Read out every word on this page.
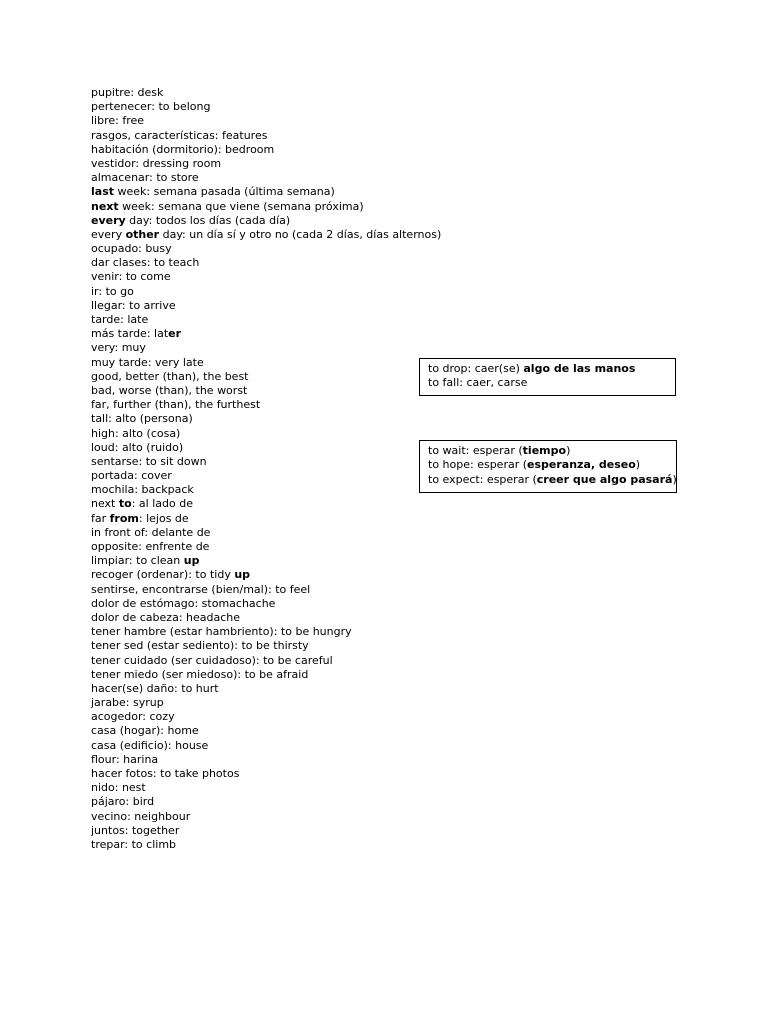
pupitre: desk
pertenecer: to belong
libre: free
rasgos, características: features
habitación (dormitorio): bedroom
vestidor: dressing room
almacenar: to store
last week: semana pasada (última semana)
next week: semana que viene (semana próxima)
every day: todos los días (cada día)
every other day: un día sí y otro no (cada 2 días, días alternos)
ocupado: busy
dar clases: to teach
venir: to come
ir: to go
llegar: to arrive
tarde: late
más tarde: later
very: muy
muy tarde: very late
good, better (than), the best
bad, worse (than), the worst
far, further (than), the furthest
tall: alto (persona)
high: alto (cosa)
loud: alto (ruido)
sentarse: to sit down
portada: cover
mochila: backpack
next to: al lado de
far from: lejos de
in front of: delante de
opposite: enfrente de
limpiar: to clean up
recoger (ordenar): to tidy up
sentirse, encontrarse (bien/mal): to feel
dolor de estómago: stomachache
dolor de cabeza: headache
tener hambre (estar hambriento): to be hungry
tener sed (estar sediento): to be thirsty
tener cuidado (ser cuidadoso): to be careful
tener miedo (ser miedoso): to be afraid
hacer(se) daño: to hurt
jarabe: syrup
acogedor: cozy
casa (hogar): home
casa (edificio): house
flour: harina
hacer fotos: to take photos
nido: nest
pájaro: bird
vecino: neighbour
juntos: together
trepar: to climb
to drop: caer(se) algo de las manos
to fall: caer, carse
to wait: esperar (tiempo)
to hope: esperar (esperanza, deseo)
to expect: esperar (creer que algo pasará)
